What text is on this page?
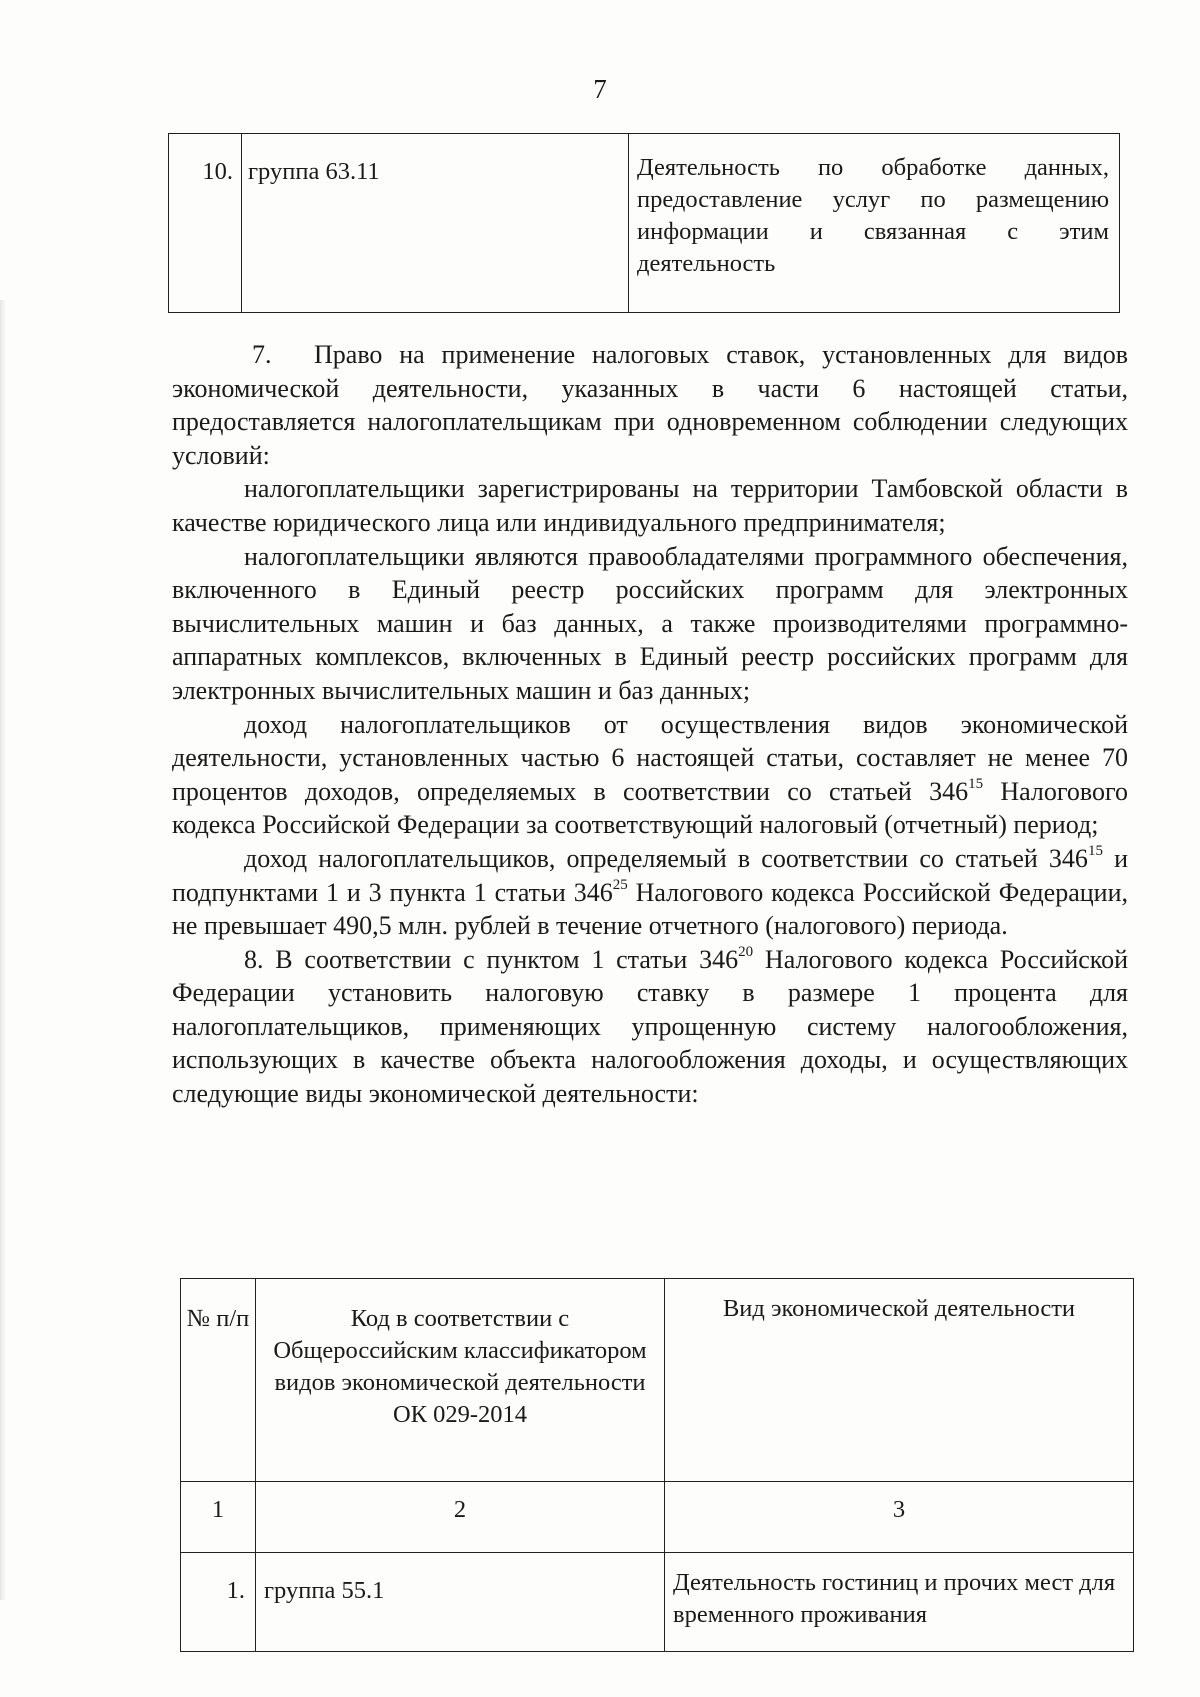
7
10.	группа 63.11	Деятельность по обработке данных, предоставление услуг по размещению информации и связанная с этим деятельность

7. Право на применение налоговых ставок, установленных для видов экономической деятельности, указанных в части 6 настоящей статьи, предоставляется налогоплательщикам при одновременном соблюдении следующих условий:

налогоплательщики зарегистрированы на территории Тамбовской области в качестве юридического лица или индивидуального предпринимателя;

налогоплательщики являются правообладателями программного обеспечения, включенного в Единый реестр российских программ для электронных вычислительных машин и баз данных, а также производителями программно-аппаратных комплексов, включенных в Единый реестр российских программ для электронных вычислительных машин и баз данных;

доход налогоплательщиков от осуществления видов экономической деятельности, установленных частью 6 настоящей статьи, составляет не менее 70 процентов доходов, определяемых в соответствии со статьей $346^{15}$ Налогового кодекса Российской Федерации за соответствующий налоговый (отчетный) период;

доход налогоплательщиков, определяемый в соответствии со статьей $346^{15}$ и подпунктами 1 и 3 пункта 1 статьи $346^{25}$ Налогового кодекса Российской Федерации, не превышает 490,5 млн. рублей в течение отчетного (налогового) периода.

8. В соответствии с пунктом 1 статьи $346^{20}$ Налогового кодекса Российской Федерации установить налоговую ставку в размере 1 процента для налогоплательщиков, применяющих упрощенную систему налогообложения, использующих в качестве объекта налогообложения доходы, и осуществляющих следующие виды экономической деятельности:

№ п/п	Код в соответствии с Общероссийским классификатором видов экономической деятельности ОК 029-2014	Вид экономической деятельности
1	2	3
1.	группа 55.1	Деятельность гостиниц и прочих мест для временного проживания
